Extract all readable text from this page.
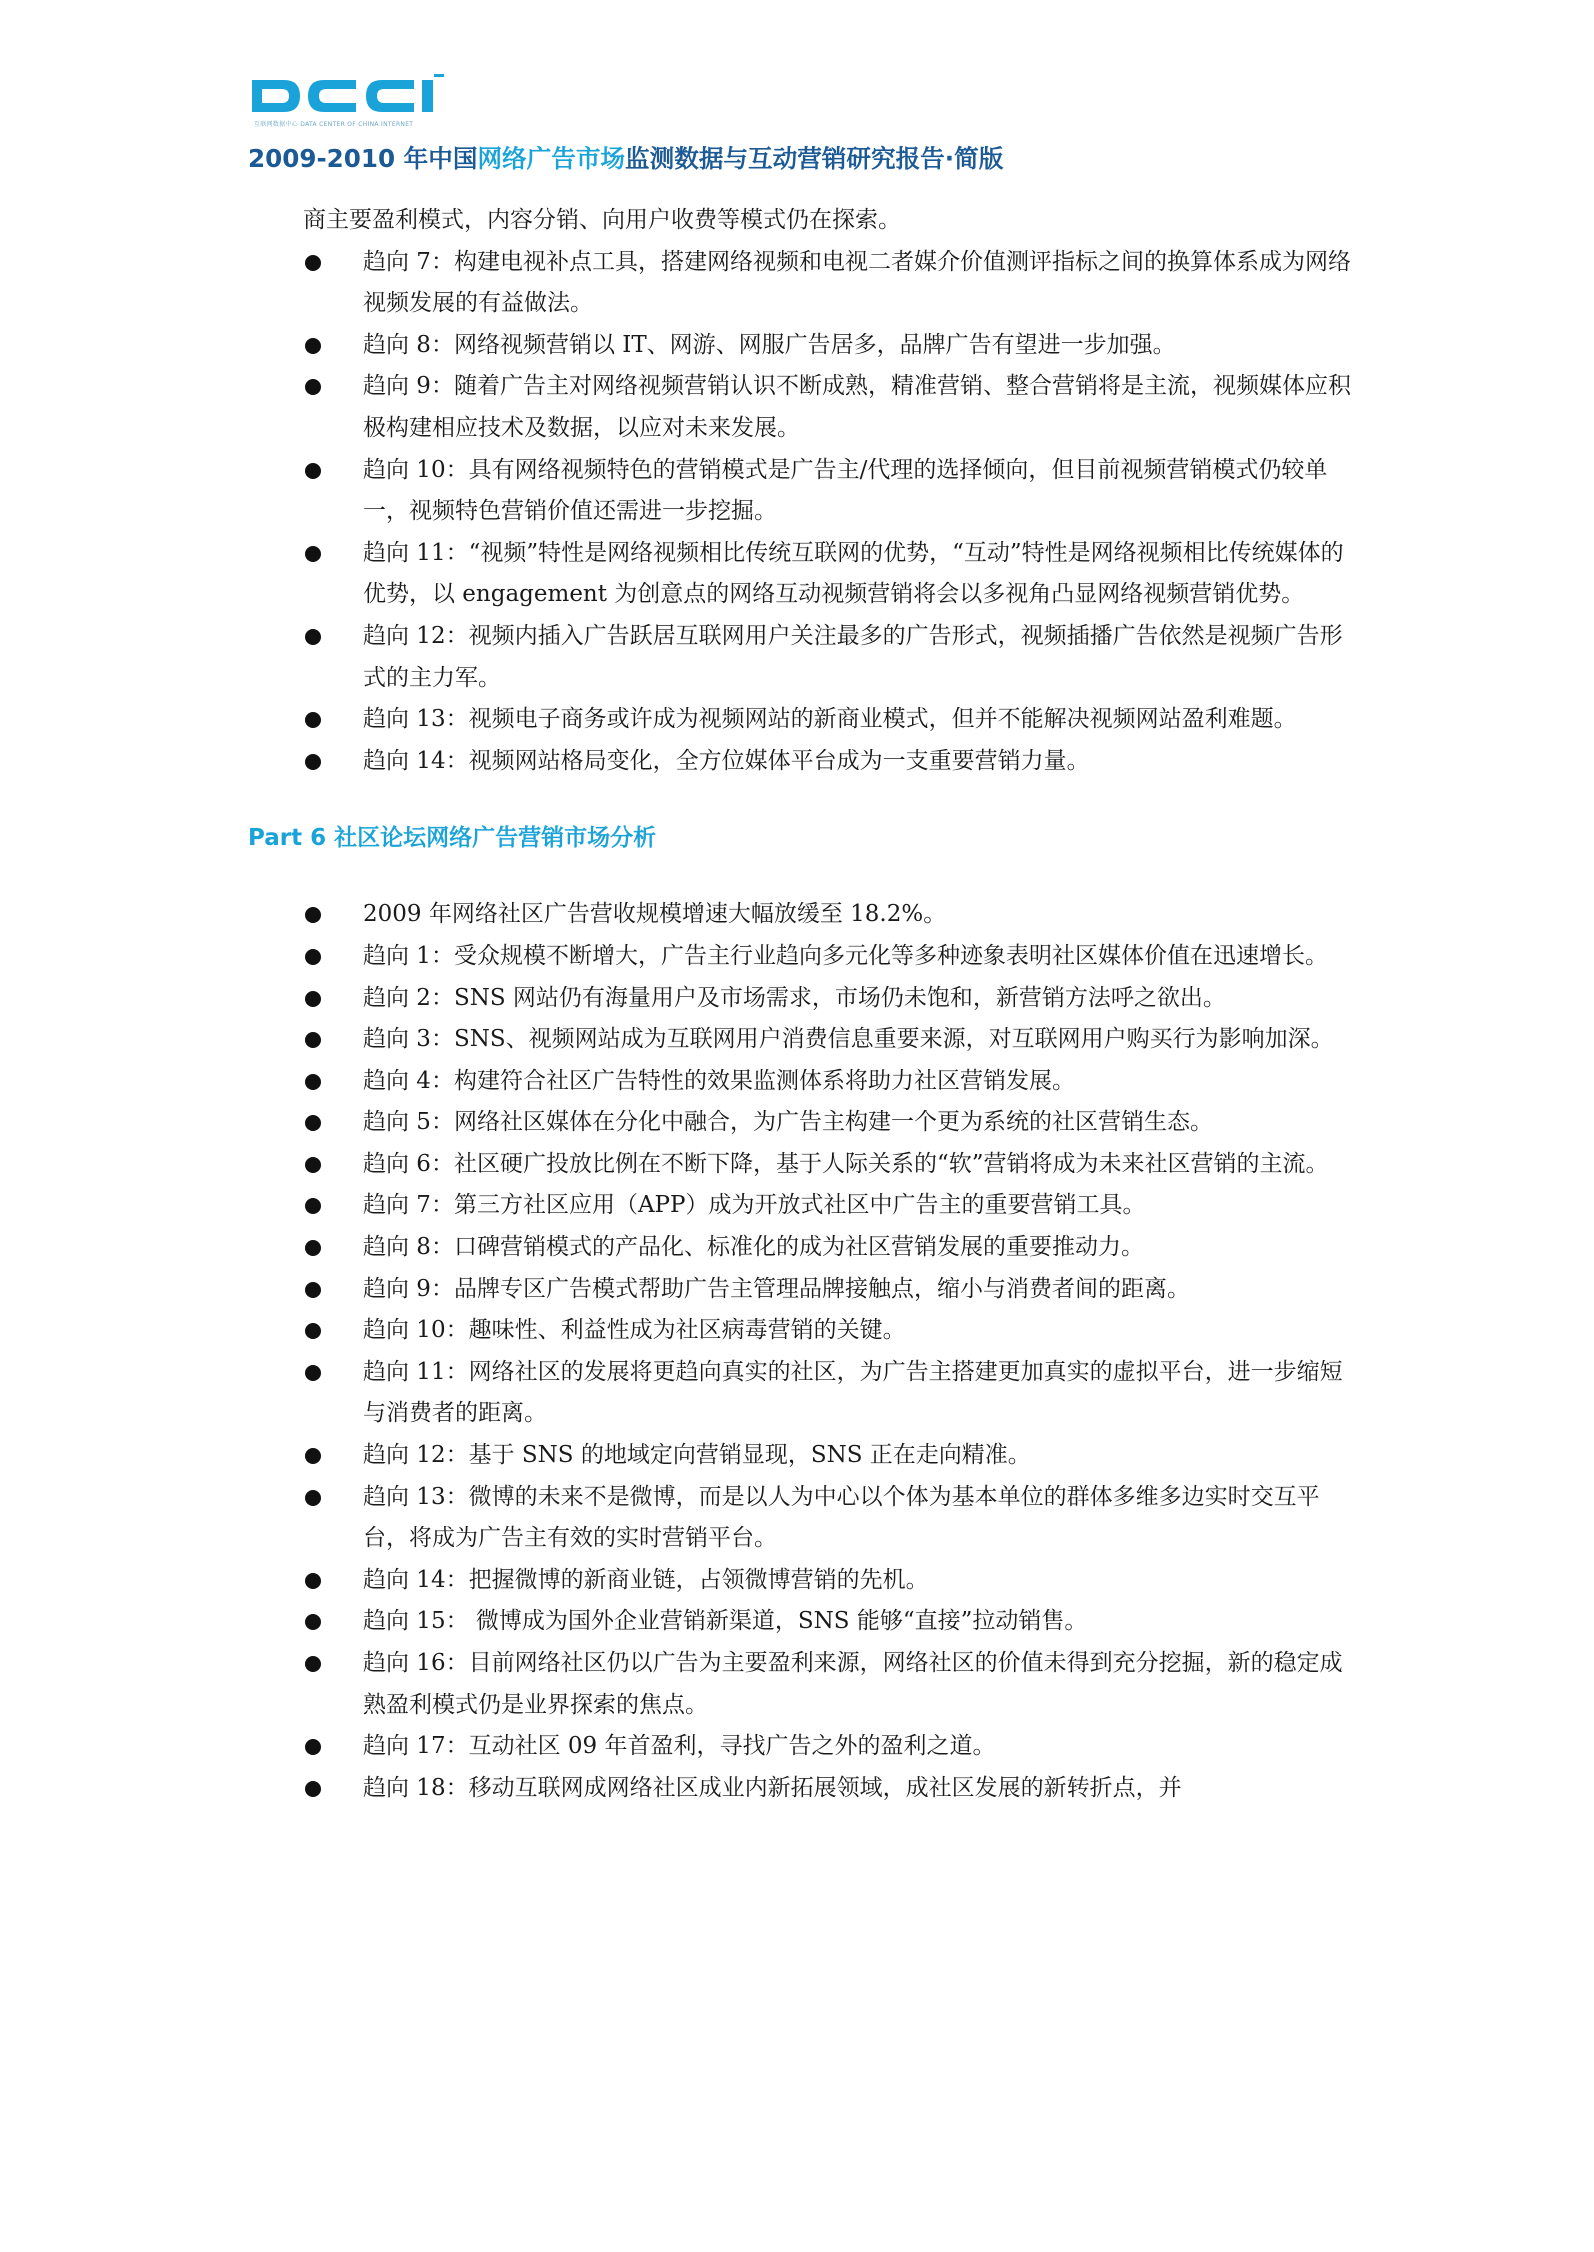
互联网数据中心 DATA CENTER OF CHINA INTERNET
2009-2010 年中国网络广告市场监测数据与互动营销研究报告·简版
商主要盈利模式，内容分销、向用户收费等模式仍在探索。
趋向 7：构建电视补点工具，搭建网络视频和电视二者媒介价值测评指标之间的换算体系成为网络视频发展的有益做法。
趋向 8：网络视频营销以 IT、网游、网服广告居多，品牌广告有望进一步加强。
趋向 9：随着广告主对网络视频营销认识不断成熟，精准营销、整合营销将是主流，视频媒体应积极构建相应技术及数据，以应对未来发展。
趋向 10：具有网络视频特色的营销模式是广告主/代理的选择倾向，但目前视频营销模式仍较单一，视频特色营销价值还需进一步挖掘。
趋向 11：“视频”特性是网络视频相比传统互联网的优势，“互动”特性是网络视频相比传统媒体的优势，以 engagement 为创意点的网络互动视频营销将会以多视角凸显网络视频营销优势。
趋向 12：视频内插入广告跃居互联网用户关注最多的广告形式，视频插播广告依然是视频广告形式的主力军。
趋向 13：视频电子商务或许成为视频网站的新商业模式，但并不能解决视频网站盈利难题。
趋向 14：视频网站格局变化，全方位媒体平台成为一支重要营销力量。
Part 6 社区论坛网络广告营销市场分析
2009 年网络社区广告营收规模增速大幅放缓至 18.2%。
趋向 1：受众规模不断增大，广告主行业趋向多元化等多种迹象表明社区媒体价值在迅速增长。
趋向 2：SNS 网站仍有海量用户及市场需求，市场仍未饱和，新营销方法呼之欲出。
趋向 3：SNS、视频网站成为互联网用户消费信息重要来源，对互联网用户购买行为影响加深。
趋向 4：构建符合社区广告特性的效果监测体系将助力社区营销发展。
趋向 5：网络社区媒体在分化中融合，为广告主构建一个更为系统的社区营销生态。
趋向 6：社区硬广投放比例在不断下降，基于人际关系的“软”营销将成为未来社区营销的主流。
趋向 7：第三方社区应用（APP）成为开放式社区中广告主的重要营销工具。
趋向 8：口碑营销模式的产品化、标准化的成为社区营销发展的重要推动力。
趋向 9：品牌专区广告模式帮助广告主管理品牌接触点，缩小与消费者间的距离。
趋向 10：趣味性、利益性成为社区病毒营销的关键。
趋向 11：网络社区的发展将更趋向真实的社区，为广告主搭建更加真实的虚拟平台，进一步缩短与消费者的距离。
趋向 12：基于 SNS 的地域定向营销显现，SNS 正在走向精准。
趋向 13：微博的未来不是微博，而是以人为中心以个体为基本单位的群体多维多边实时交互平台，将成为广告主有效的实时营销平台。
趋向 14：把握微博的新商业链，占领微博营销的先机。
趋向 15： 微博成为国外企业营销新渠道，SNS 能够“直接”拉动销售。
趋向 16：目前网络社区仍以广告为主要盈利来源，网络社区的价值未得到充分挖掘，新的稳定成熟盈利模式仍是业界探索的焦点。
趋向 17：互动社区 09 年首盈利，寻找广告之外的盈利之道。
趋向 18：移动互联网成网络社区成业内新拓展领域，成社区发展的新转折点，并
